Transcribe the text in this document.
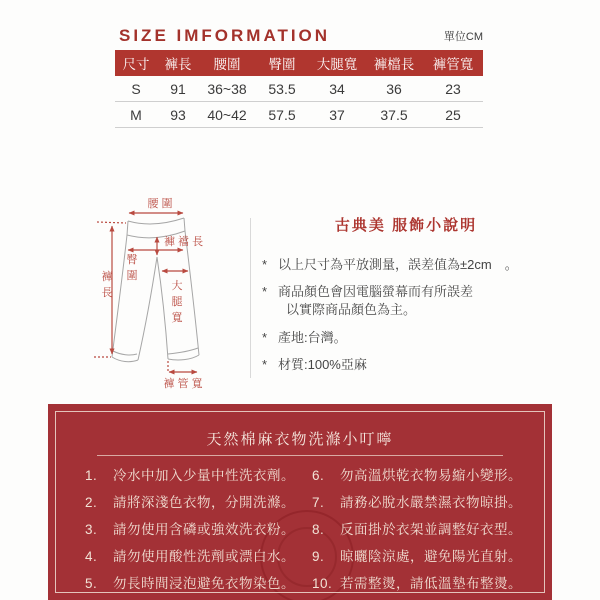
SIZE IMFORMATION	單位CM
尺寸	褲長	腰圍	臀圍	大腿寬	褲檔長	褲管寬
S	91	36~38	53.5	34	36	23
M	93	40~42	57.5	37	37.5	25
腰 圍
褲 襠 長
臀圍
大腿寬
褲長
褲 管 寬
古典美 服飾小說明
* 以上尺寸為平放測量，誤差值為±2cm　。
* 商品顏色會因電腦螢幕而有所誤差
以實際商品顏色為主。
* 產地:台灣。
* 材質:100%亞麻
天然棉麻衣物洗滌小叮嚀
1.	冷水中加入少量中性洗衣劑。
2.	請將深淺色衣物，分開洗滌。
3.	請勿使用含磷或強效洗衣粉。
4.	請勿使用酸性洗劑或漂白水。
5.	勿長時間浸泡避免衣物染色。
6.	勿高溫烘乾衣物易縮小變形。
7.	請務必脫水嚴禁濕衣物晾掛。
8.	反面掛於衣架並調整好衣型。
9.	晾曬陰涼處，避免陽光直射。
10. 若需整燙，請低溫墊布整燙。
